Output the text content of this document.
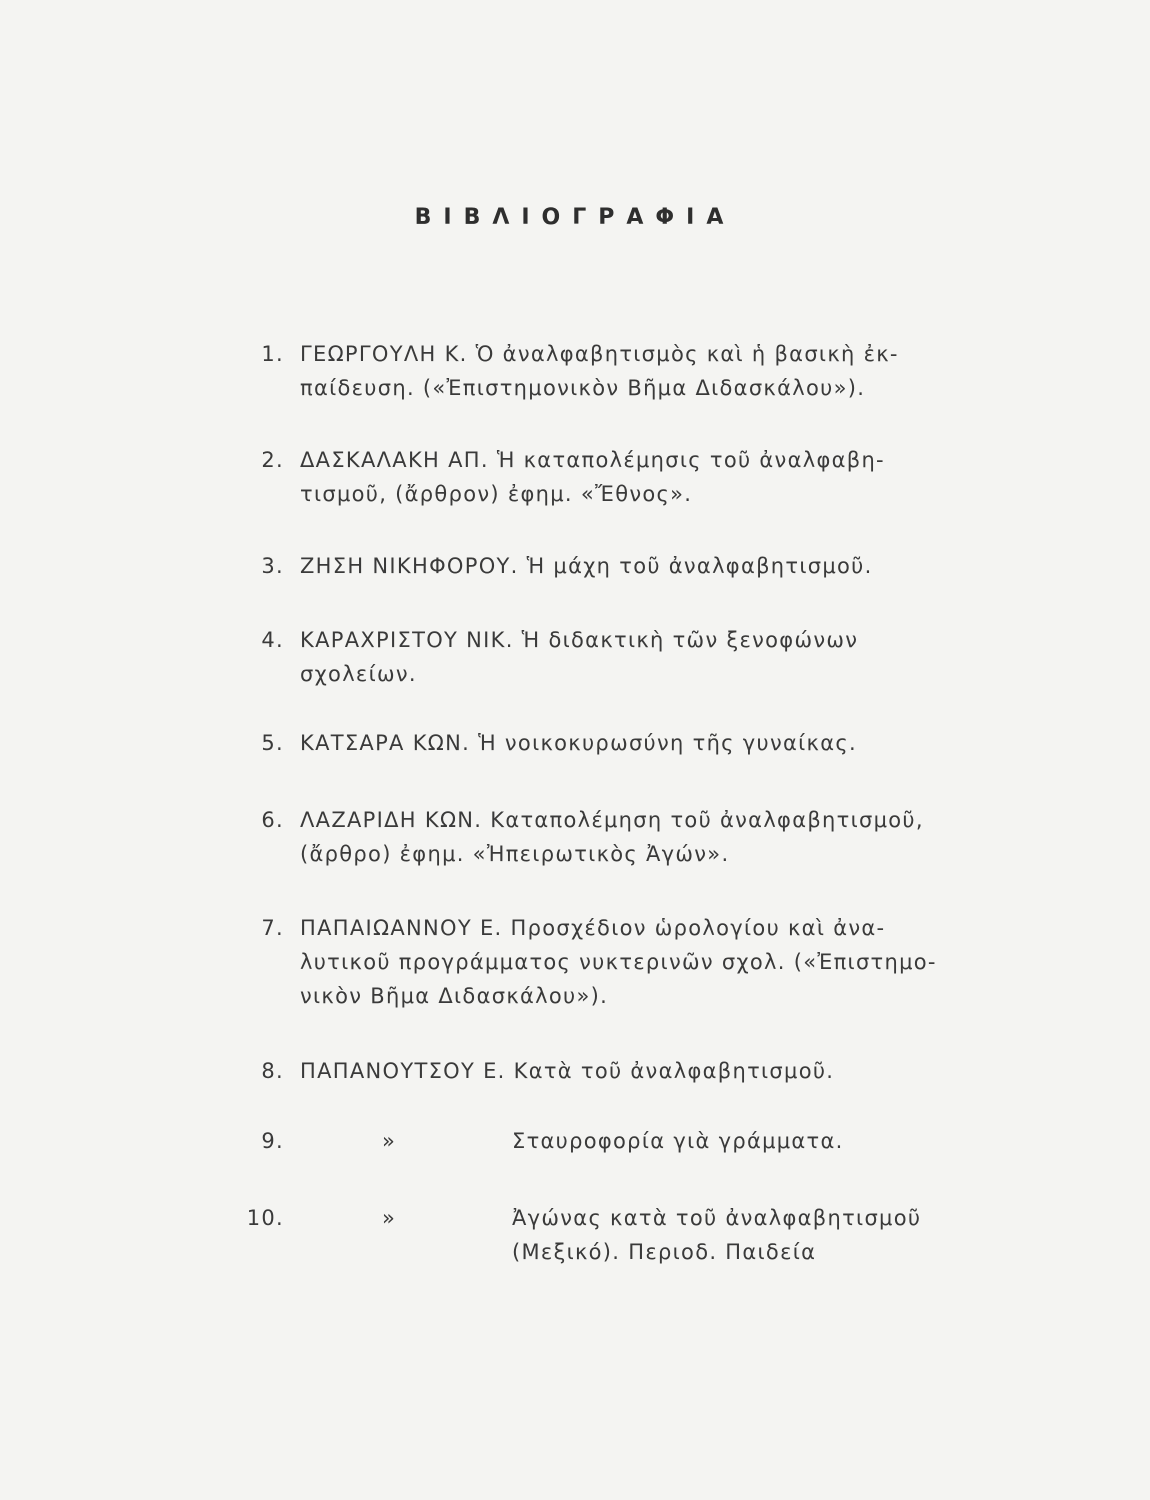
ΒΙΒΛΙΟΓΡΑΦΙΑ
1. ΓΕΩΡΓΟΥΛΗ Κ. Ὁ ἀναλφαβητισμὸς καὶ ἡ βασικὴ ἐκ-
παίδευση. («Ἐπιστημονικὸν Βῆμα Διδασκάλου»).
2. ΔΑΣΚΑΛΑΚΗ ΑΠ. Ἡ καταπολέμησις τοῦ ἀναλφαβη-
τισμοῦ, (ἄρθρον) ἐφημ. «Ἔθνος».
3. ΖΗΣΗ ΝΙΚΗΦΟΡΟΥ. Ἡ μάχη τοῦ ἀναλφαβητισμοῦ.
4. ΚΑΡΑΧΡΙΣΤΟΥ ΝΙΚ. Ἡ διδακτικὴ τῶν ξενοφώνων
σχολείων.
5. ΚΑΤΣΑΡΑ ΚΩΝ. Ἡ νοικοκυρωσύνη τῆς γυναίκας.
6. ΛΑΖΑΡΙΔΗ ΚΩΝ. Καταπολέμηση τοῦ ἀναλφαβητισμοῦ,
(ἄρθρο) ἐφημ. «Ἠπειρωτικὸς Ἀγών».
7. ΠΑΠΑΙΩΑΝΝΟΥ Ε. Προσχέδιον ὡρολογίου καὶ ἀνα-
λυτικοῦ προγράμματος νυκτερινῶν σχολ. («Ἐπιστημο-
νικὸν Βῆμα Διδασκάλου»).
8. ΠΑΠΑΝΟΥΤΣΟΥ Ε. Κατὰ τοῦ ἀναλφαβητισμοῦ.
9.	»	Σταυροφορία γιὰ γράμματα.
10.	»	Ἀγώνας κατὰ τοῦ ἀναλφαβητισμοῦ
(Μεξικό). Περιοδ. Παιδεία
